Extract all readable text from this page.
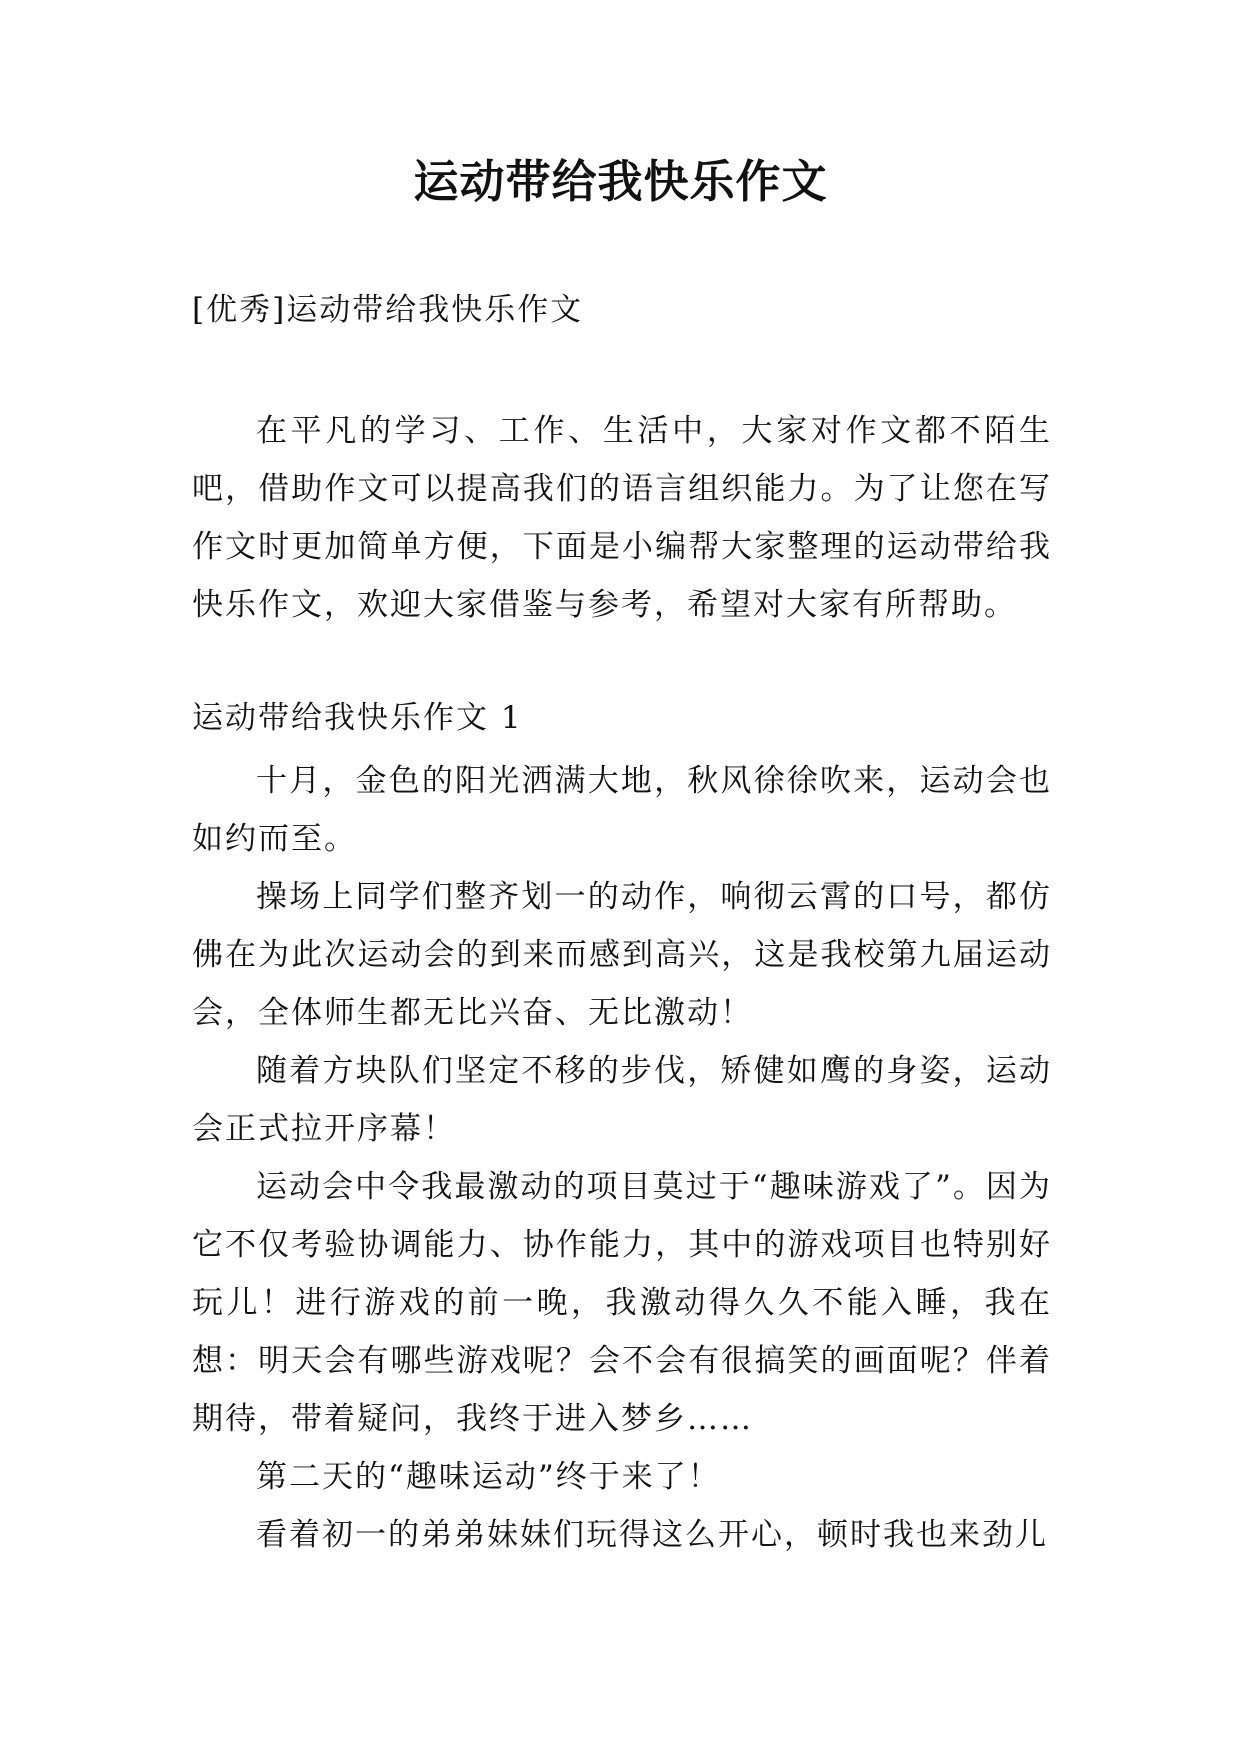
运动带给我快乐作文

[优秀]运动带给我快乐作文

在平凡的学习、工作、生活中，大家对作文都不陌生吧，借助作文可以提高我们的语言组织能力。为了让您在写作文时更加简单方便，下面是小编帮大家整理的运动带给我快乐作文，欢迎大家借鉴与参考，希望对大家有所帮助。

运动带给我快乐作文 1

十月，金色的阳光洒满大地，秋风徐徐吹来，运动会也如约而至。

操场上同学们整齐划一的动作，响彻云霄的口号，都仿佛在为此次运动会的到来而感到高兴，这是我校第九届运动会，全体师生都无比兴奋、无比激动！

随着方块队们坚定不移的步伐，矫健如鹰的身姿，运动会正式拉开序幕！

运动会中令我最激动的项目莫过于“趣味游戏了”。因为它不仅考验协调能力、协作能力，其中的游戏项目也特别好玩儿！进行游戏的前一晚，我激动得久久不能入睡，我在想：明天会有哪些游戏呢？会不会有很搞笑的画面呢？伴着期待，带着疑问，我终于进入梦乡……

第二天的“趣味运动”终于来了！

看着初一的弟弟妹妹们玩得这么开心，顿时我也来劲儿
